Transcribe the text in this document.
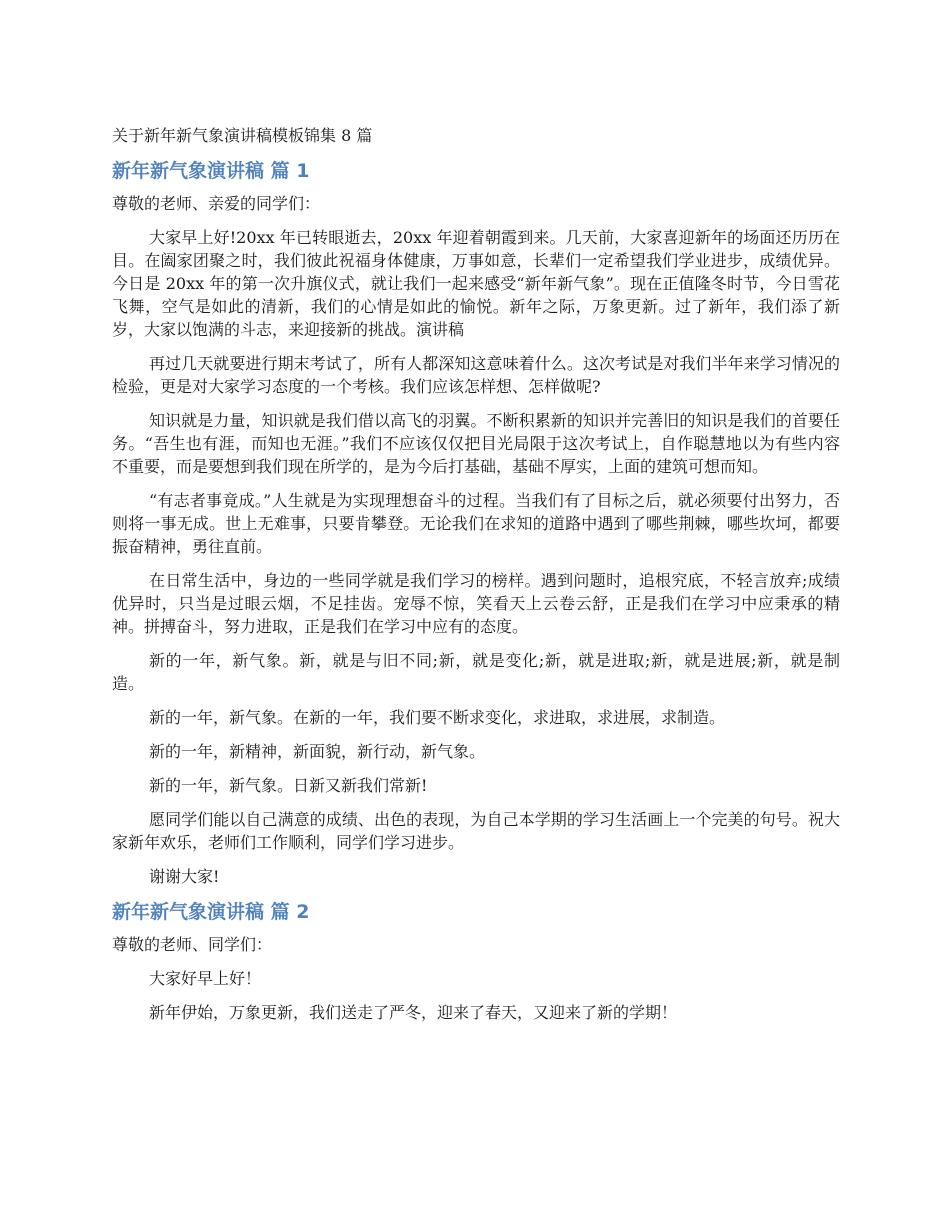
关于新年新气象演讲稿模板锦集 8 篇
新年新气象演讲稿 篇 1
尊敬的老师、亲爱的同学们：

大家早上好!20xx 年已转眼逝去，20xx 年迎着朝霞到来。几天前，大家喜迎新年的场面还历历在目。在阖家团聚之时，我们彼此祝福身体健康，万事如意，长辈们一定希望我们学业进步，成绩优异。今日是 20xx 年的第一次升旗仪式，就让我们一起来感受“新年新气象”。现在正值隆冬时节，今日雪花飞舞，空气是如此的清新，我们的心情是如此的愉悦。新年之际，万象更新。过了新年，我们添了新岁，大家以饱满的斗志，来迎接新的挑战。演讲稿

再过几天就要进行期末考试了，所有人都深知这意味着什么。这次考试是对我们半年来学习情况的检验，更是对大家学习态度的一个考核。我们应该怎样想、怎样做呢?

知识就是力量，知识就是我们借以高飞的羽翼。不断积累新的知识并完善旧的知识是我们的首要任务。“吾生也有涯，而知也无涯。”我们不应该仅仅把目光局限于这次考试上，自作聪慧地以为有些内容不重要，而是要想到我们现在所学的，是为今后打基础，基础不厚实，上面的建筑可想而知。

“有志者事竟成。”人生就是为实现理想奋斗的过程。当我们有了目标之后，就必须要付出努力，否则将一事无成。世上无难事，只要肯攀登。无论我们在求知的道路中遇到了哪些荆棘，哪些坎坷，都要振奋精神，勇往直前。

在日常生活中，身边的一些同学就是我们学习的榜样。遇到问题时，追根究底，不轻言放弃;成绩优异时，只当是过眼云烟，不足挂齿。宠辱不惊，笑看天上云卷云舒，正是我们在学习中应秉承的精神。拼搏奋斗，努力进取，正是我们在学习中应有的态度。

新的一年，新气象。新，就是与旧不同;新，就是变化;新，就是进取;新，就是进展;新，就是制造。

新的一年，新气象。在新的一年，我们要不断求变化，求进取，求进展，求制造。

新的一年，新精神，新面貌，新行动，新气象。

新的一年，新气象。日新又新我们常新!

愿同学们能以自己满意的成绩、出色的表现，为自己本学期的学习生活画上一个完美的句号。祝大家新年欢乐，老师们工作顺利，同学们学习进步。

谢谢大家!

新年新气象演讲稿 篇 2
尊敬的老师、同学们：

大家好早上好！

新年伊始，万象更新，我们送走了严冬，迎来了春天，又迎来了新的学期！
